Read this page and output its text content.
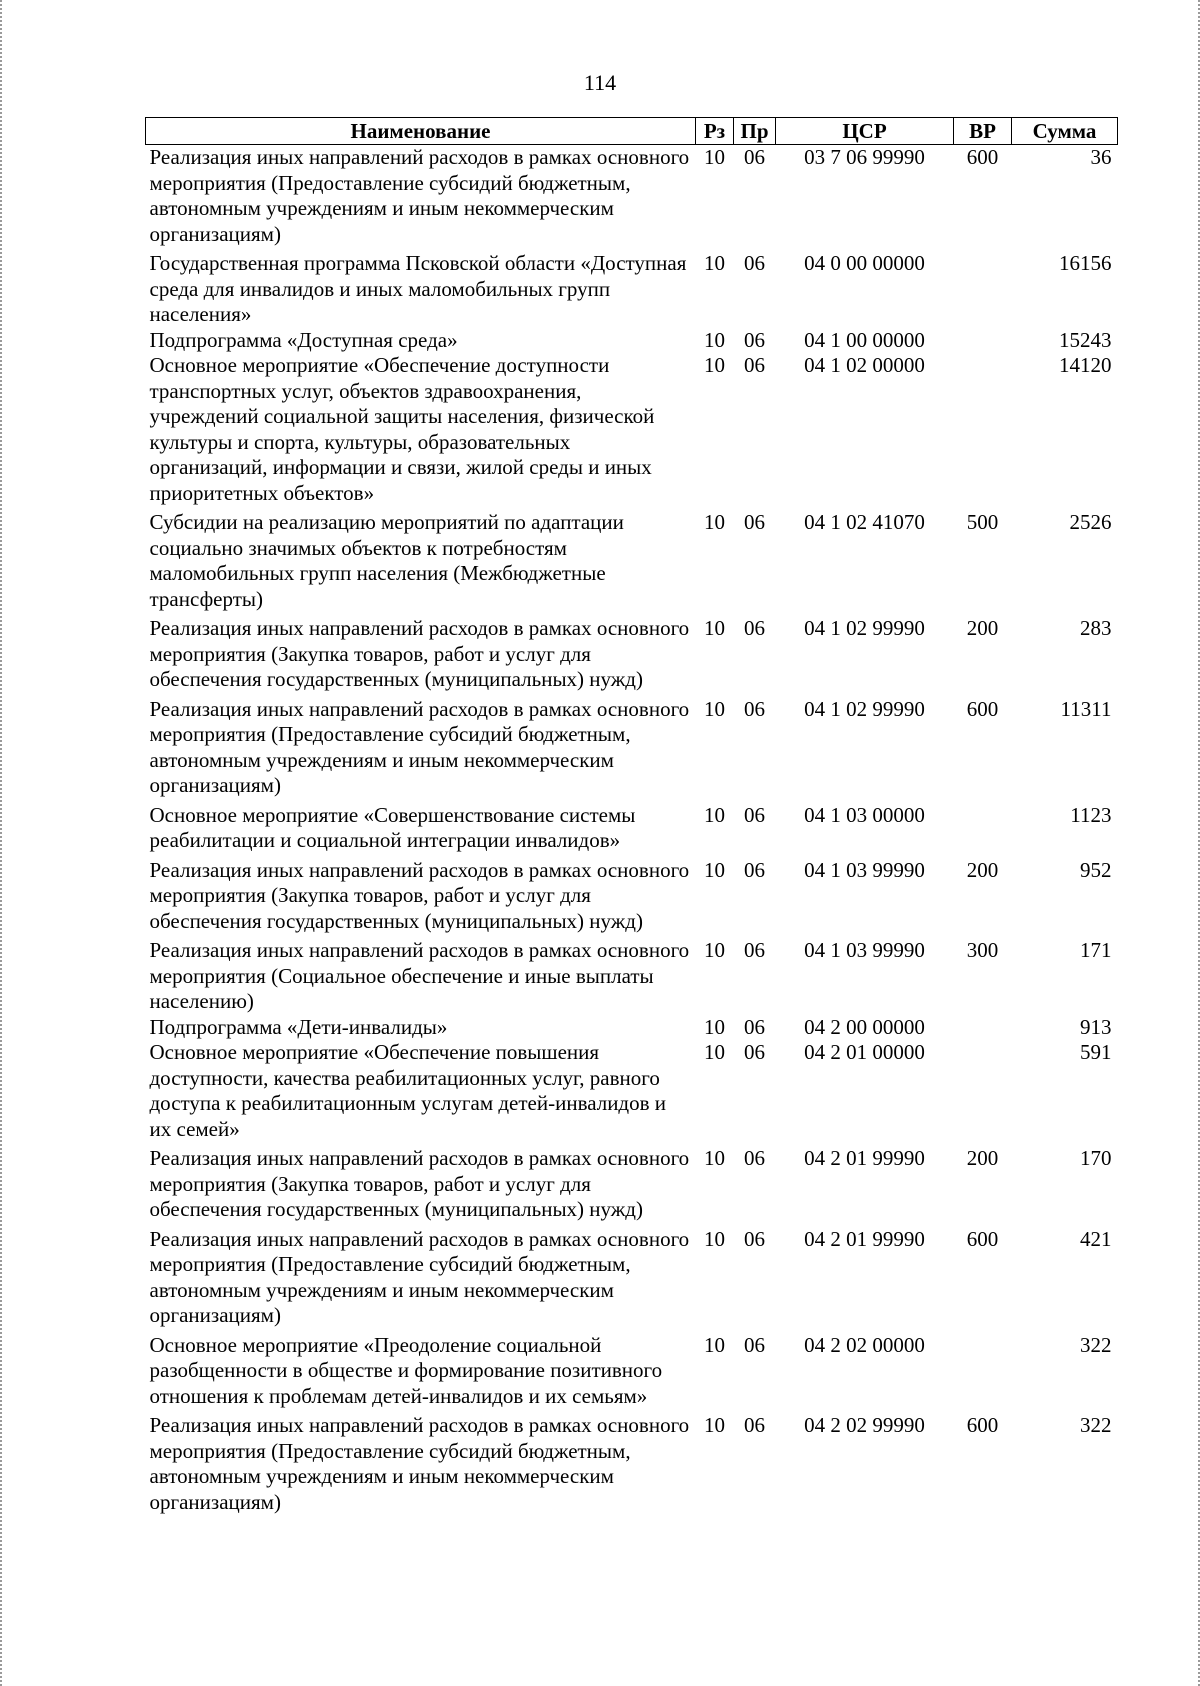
114
Наименование	Рз	Пр	ЦСР	ВР	Сумма
Реализация иных направлений расходов в рамках основного мероприятия (Предоставление субсидий бюджетным, автономным учреждениям и иным некоммерческим организациям)	10	06	03 7 06 99990	600	36
Государственная программа Псковской области «Доступная среда для инвалидов и иных маломобильных групп населения»	10	06	04 0 00 00000		16156
Подпрограмма «Доступная среда»	10	06	04 1 00 00000		15243
Основное мероприятие «Обеспечение доступности транспортных услуг, объектов здравоохранения, учреждений социальной защиты населения, физической культуры и спорта, культуры, образовательных организаций, информации и связи, жилой среды и иных приоритетных объектов»	10	06	04 1 02 00000		14120
Субсидии на реализацию мероприятий по адаптации социально значимых объектов к потребностям маломобильных групп населения (Межбюджетные трансферты)	10	06	04 1 02 41070	500	2526
Реализация иных направлений расходов в рамках основного мероприятия (Закупка товаров, работ и услуг для обеспечения государственных (муниципальных) нужд)	10	06	04 1 02 99990	200	283
Реализация иных направлений расходов в рамках основного мероприятия (Предоставление субсидий бюджетным, автономным учреждениям и иным некоммерческим организациям)	10	06	04 1 02 99990	600	11311
Основное мероприятие «Совершенствование системы реабилитации и социальной интеграции инвалидов»	10	06	04 1 03 00000		1123
Реализация иных направлений расходов в рамках основного мероприятия (Закупка товаров, работ и услуг для обеспечения государственных (муниципальных) нужд)	10	06	04 1 03 99990	200	952
Реализация иных направлений расходов в рамках основного мероприятия (Социальное обеспечение и иные выплаты населению)	10	06	04 1 03 99990	300	171
Подпрограмма «Дети-инвалиды»	10	06	04 2 00 00000		913
Основное мероприятие «Обеспечение повышения доступности, качества реабилитационных услуг, равного доступа к реабилитационным услугам детей-инвалидов и их семей»	10	06	04 2 01 00000		591
Реализация иных направлений расходов в рамках основного мероприятия (Закупка товаров, работ и услуг для обеспечения государственных (муниципальных) нужд)	10	06	04 2 01 99990	200	170
Реализация иных направлений расходов в рамках основного мероприятия (Предоставление субсидий бюджетным, автономным учреждениям и иным некоммерческим организациям)	10	06	04 2 01 99990	600	421
Основное мероприятие «Преодоление социальной разобщенности в обществе и формирование позитивного отношения к проблемам детей-инвалидов и их семьям»	10	06	04 2 02 00000		322
Реализация иных направлений расходов в рамках основного мероприятия (Предоставление субсидий бюджетным, автономным учреждениям и иным некоммерческим организациям)	10	06	04 2 02 99990	600	322
